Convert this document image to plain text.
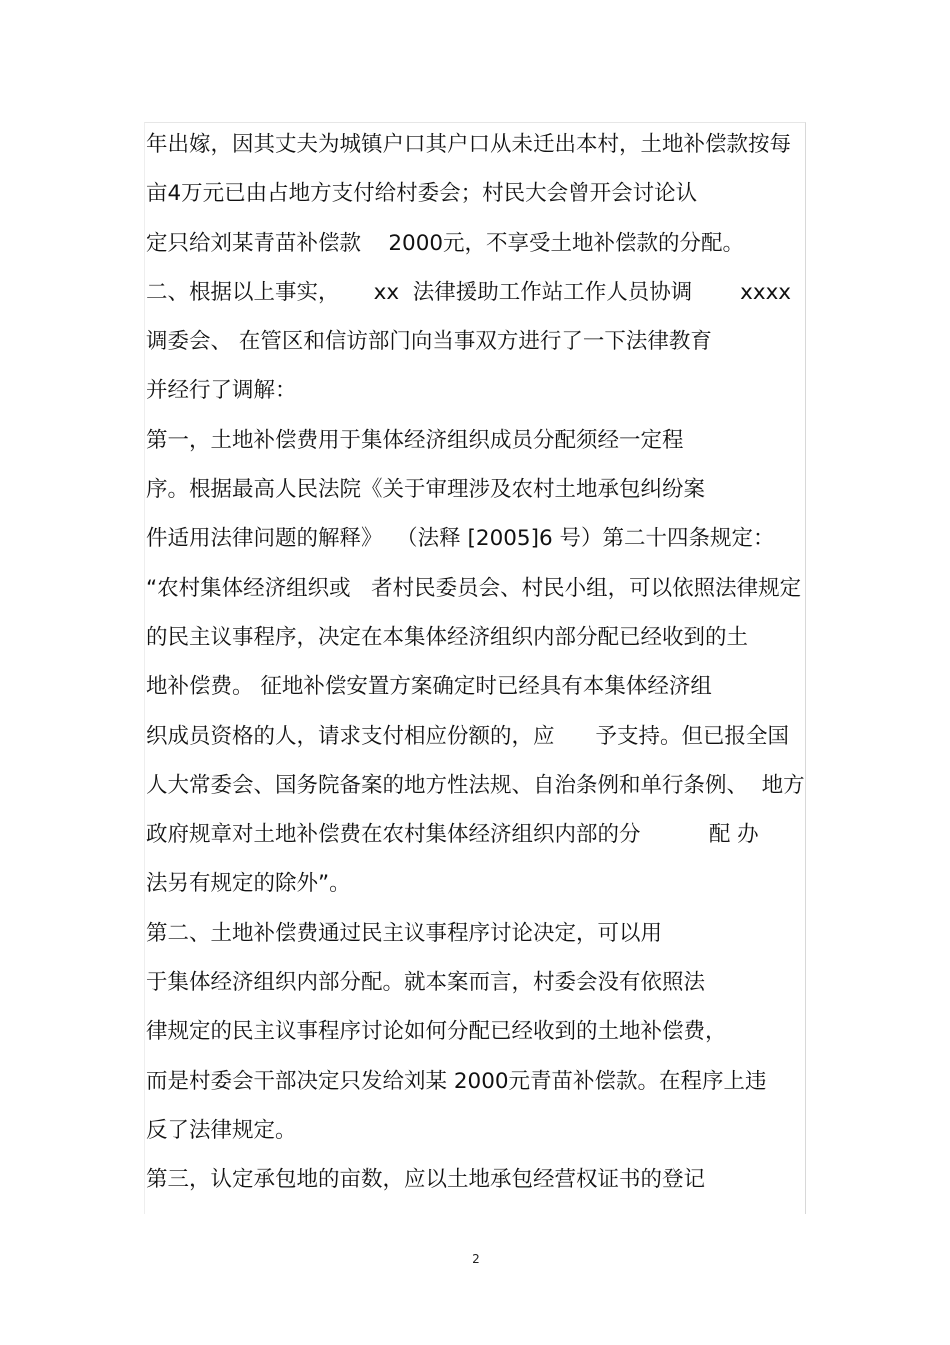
年出嫁，因其丈夫为城镇户口其户口从未迁出本村，土地补偿款按每
亩4万元已由占地方支付给村委会；村民大会曾开会讨论认
定只给刘某青苗补偿款    2000元，不享受土地补偿款的分配。
二、根据以上事实，     xx  法律援助工作站工作人员协调       xxxx
调委会、 在管区和信访部门向当事双方进行了一下法律教育
并经行了调解：
第一，土地补偿费用于集体经济组织成员分配须经一定程
序。根据最高人民法院《关于审理涉及农村土地承包纠纷案
件适用法律问题的解释》  （法释 [2005]6 号）第二十四条规定：
“农村集体经济组织或   者村民委员会、村民小组，可以依照法律规定
的民主议事程序，决定在本集体经济组织内部分配已经收到的土
地补偿费。 征地补偿安置方案确定时已经具有本集体经济组
织成员资格的人，请求支付相应份额的，应      予支持。但已报全国
人大常委会、国务院备案的地方性法规、自治条例和单行条例、  地方
政府规章对土地补偿费在农村集体经济组织内部的分          配 办
法另有规定的除外”。
第二、土地补偿费通过民主议事程序讨论决定，可以用
于集体经济组织内部分配。就本案而言，村委会没有依照法
律规定的民主议事程序讨论如何分配已经收到的土地补偿费，
而是村委会干部决定只发给刘某 2000元青苗补偿款。在程序上违
反了法律规定。
第三，认定承包地的亩数，应以土地承包经营权证书的登记
2
